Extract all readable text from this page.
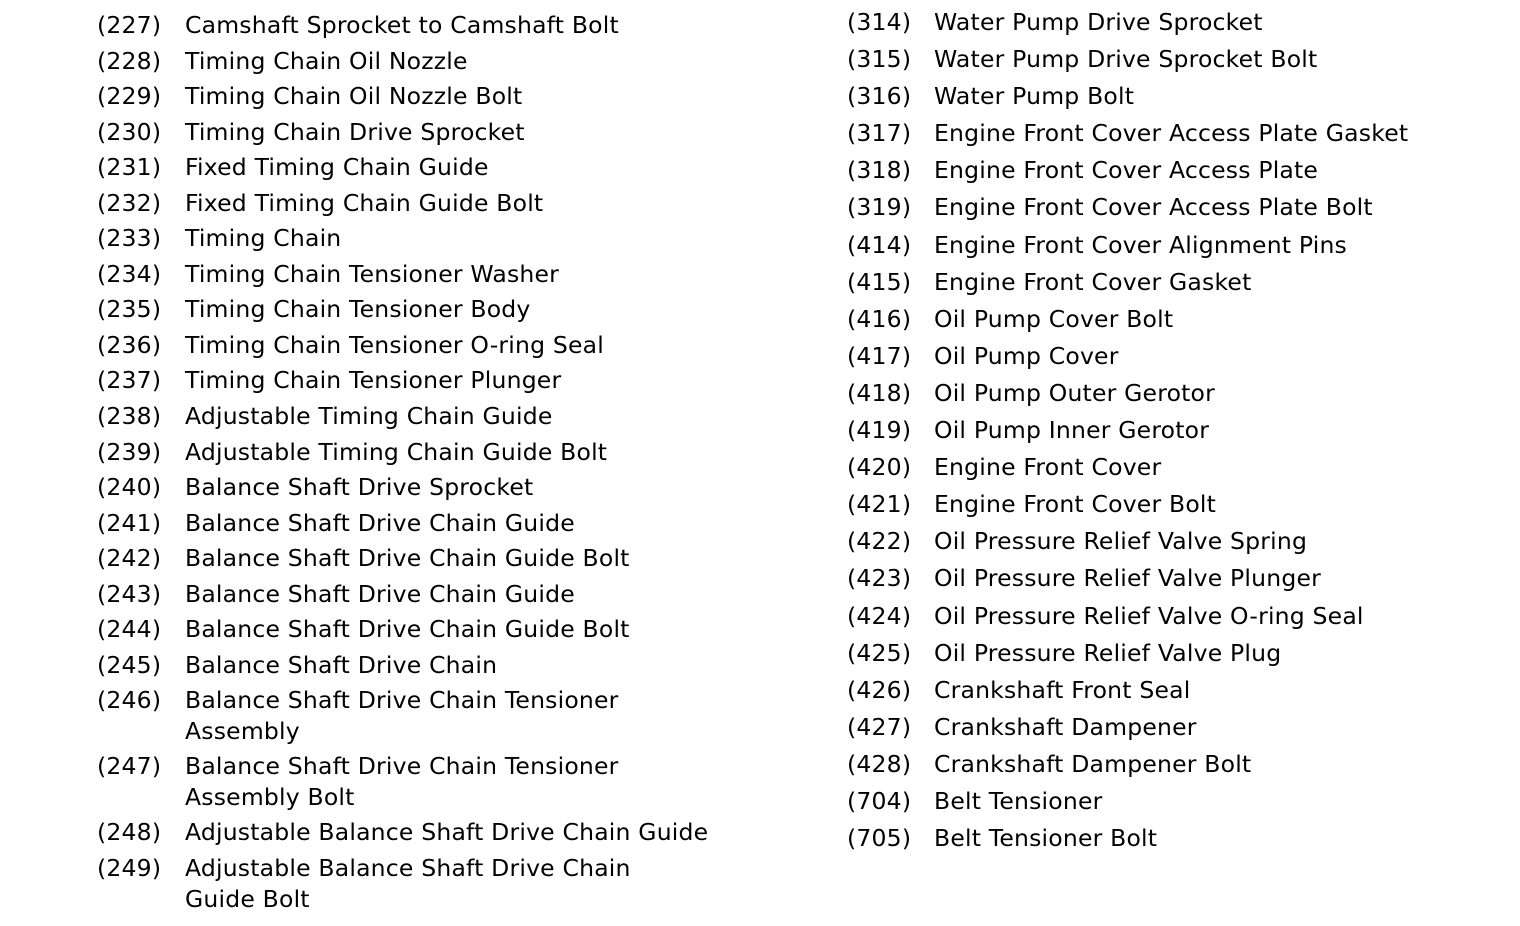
(227)	Camshaft Sprocket to Camshaft Bolt
(228)	Timing Chain Oil Nozzle
(229)	Timing Chain Oil Nozzle Bolt
(230)	Timing Chain Drive Sprocket
(231)	Fixed Timing Chain Guide
(232)	Fixed Timing Chain Guide Bolt
(233)	Timing Chain
(234)	Timing Chain Tensioner Washer
(235)	Timing Chain Tensioner Body
(236)	Timing Chain Tensioner O-ring Seal
(237)	Timing Chain Tensioner Plunger
(238)	Adjustable Timing Chain Guide
(239)	Adjustable Timing Chain Guide Bolt
(240)	Balance Shaft Drive Sprocket
(241)	Balance Shaft Drive Chain Guide
(242)	Balance Shaft Drive Chain Guide Bolt
(243)	Balance Shaft Drive Chain Guide
(244)	Balance Shaft Drive Chain Guide Bolt
(245)	Balance Shaft Drive Chain
(246)	Balance Shaft Drive Chain Tensioner
Assembly
(247)	Balance Shaft Drive Chain Tensioner
Assembly Bolt
(248)	Adjustable Balance Shaft Drive Chain Guide
(249)	Adjustable Balance Shaft Drive Chain
Guide Bolt
(314) Water Pump Drive Sprocket
(315) Water Pump Drive Sprocket Bolt
(316) Water Pump Bolt
(317) Engine Front Cover Access Plate Gasket
(318) Engine Front Cover Access Plate
(319) Engine Front Cover Access Plate Bolt
(414) Engine Front Cover Alignment Pins
(415) Engine Front Cover Gasket
(416) Oil Pump Cover Bolt
(417) Oil Pump Cover
(418) Oil Pump Outer Gerotor
(419) Oil Pump Inner Gerotor
(420) Engine Front Cover
(421) Engine Front Cover Bolt
(422) Oil Pressure Relief Valve Spring
(423) Oil Pressure Relief Valve Plunger
(424) Oil Pressure Relief Valve O-ring Seal
(425) Oil Pressure Relief Valve Plug
(426) Crankshaft Front Seal
(427) Crankshaft Dampener
(428) Crankshaft Dampener Bolt
(704) Belt Tensioner
(705) Belt Tensioner Bolt
